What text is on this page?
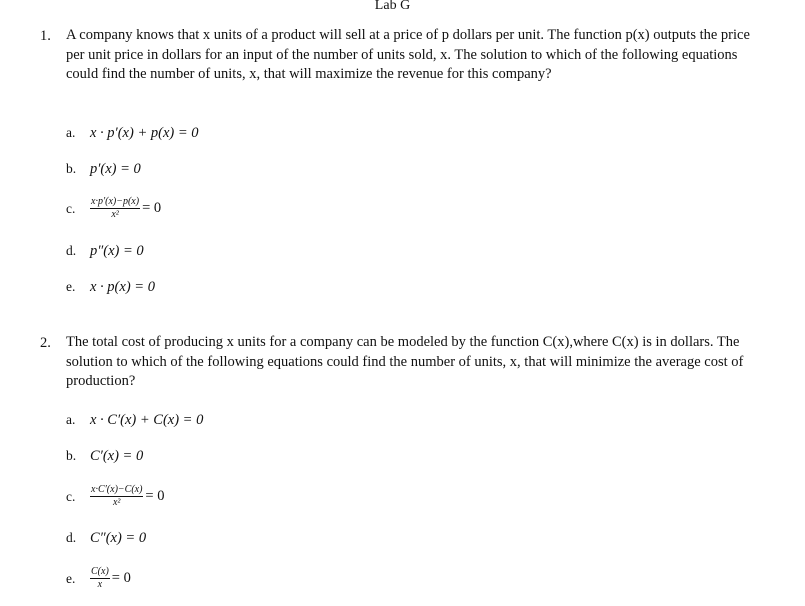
Lab G
1. A company knows that x units of a product will sell at a price of p dollars per unit. The function p(x) outputs the price per unit price in dollars for an input of the number of units sold, x. The solution to which of the following equations could find the number of units, x, that will maximize the revenue for this company?
a. x · p′(x) + p(x) = 0
b. p′(x) = 0
c. $\frac{x\cdot p'(x)-p(x)}{\text{x²}} = 0$
d. p″(x) = 0
e. x · p(x) = 0
2. The total cost of producing x units for a company can be modeled by the function C(x),where C(x) is in dollars. The solution to which of the following equations could find the number of units, x, that will minimize the average cost of production?
a. x · C′(x) + C(x) = 0
b. C′(x) = 0
c. $\frac{x\cdot C'(x)-C(x)}{\text{x²}} = 0$
d. C″(x) = 0
e. $\frac{C(x)}{x} = 0$
